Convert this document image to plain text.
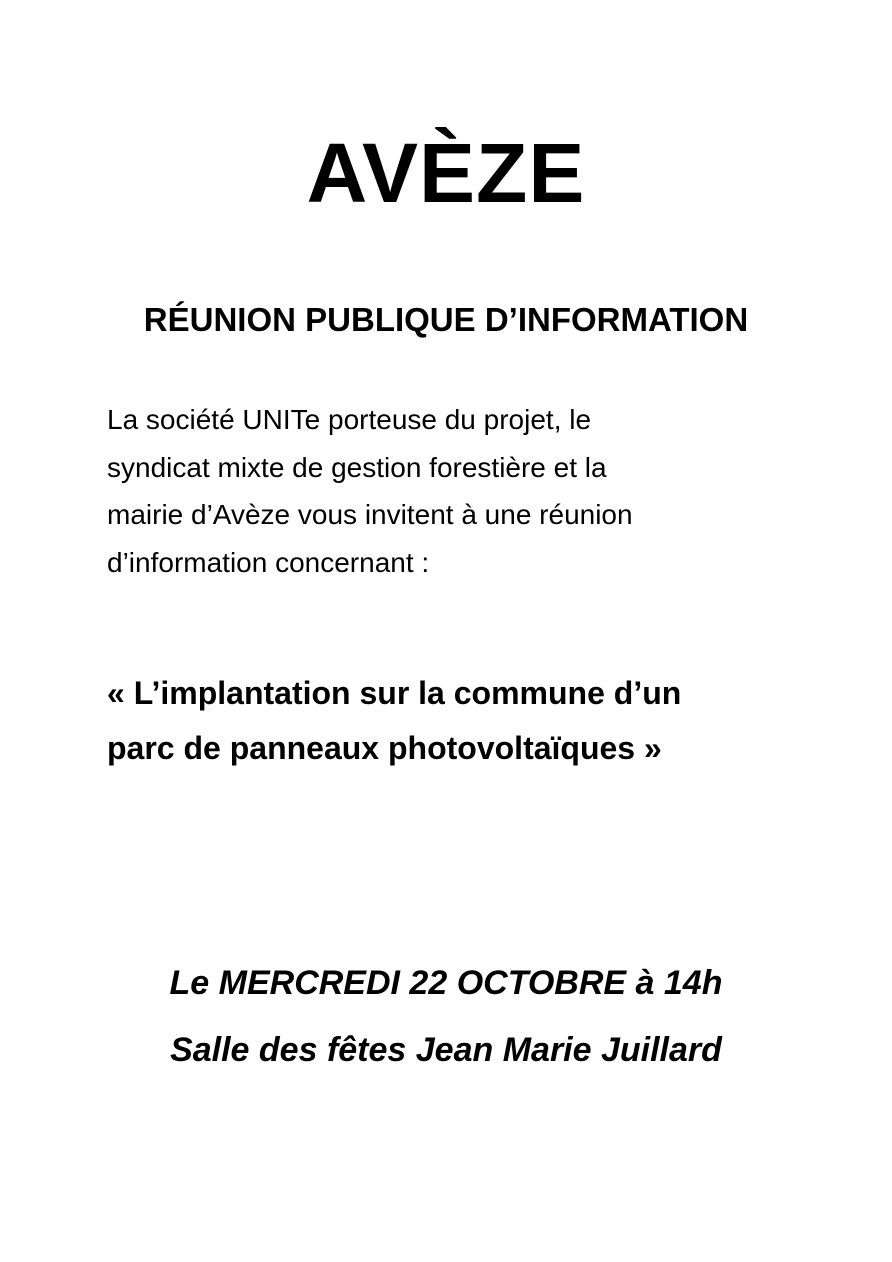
AVÈZE
RÉUNION PUBLIQUE D’INFORMATION

La société UNITe porteuse du projet, le
syndicat mixte de gestion forestière et la
mairie d’Avèze vous invitent à une réunion
d’information concernant :

« L’implantation sur la commune d’un
parc de panneaux photovoltaïques »

Le MERCREDI 22 OCTOBRE à 14h

Salle des fêtes Jean Marie Juillard
